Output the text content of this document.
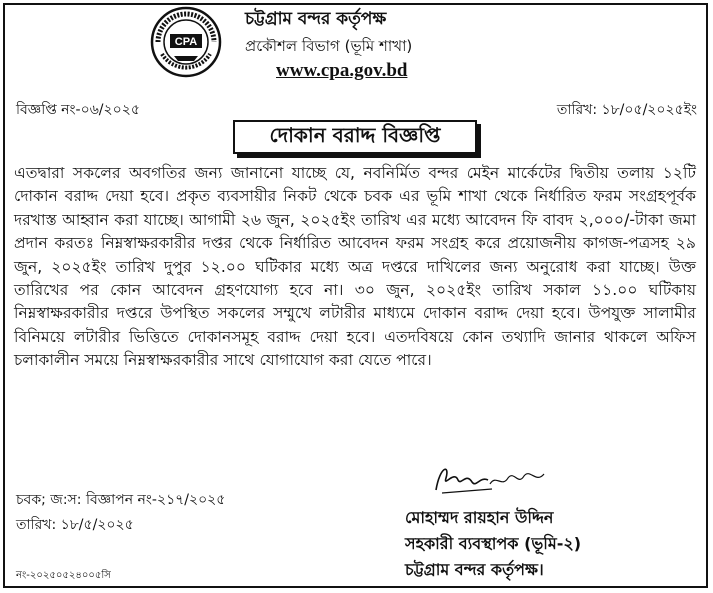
CPA
চট্টগ্রাম বন্দর কর্তৃপক্ষ
প্রকৌশল বিভাগ (ভূমি শাখা)
www.cpa.gov.bd
বিজ্ঞপ্তি নং-০৬/২০২৫	তারিখ: ১৮/০৫/২০২৫ইং
দোকান বরাদ্দ বিজ্ঞপ্তি

এতদ্বারা সকলের অবগতির জন্য জানানো যাচ্ছে যে, নবনির্মিত বন্দর মেইন মার্কেটের দ্বিতীয় তলায় ১২টি দোকান বরাদ্দ দেয়া হবে। প্রকৃত ব্যবসায়ীর নিকট থেকে চবক এর ভূমি শাখা থেকে নির্ধারিত ফরম সংগ্রহপূর্বক দরখাস্ত আহ্বান করা যাচ্ছে। আগামী ২৬ জুন, ২০২৫ইং তারিখ এর মধ্যে আবেদন ফি বাবদ ২,০০০/-টাকা জমা প্রদান করতঃ নিম্নস্বাক্ষরকারীর দপ্তর থেকে নির্ধারিত আবেদন ফরম সংগ্রহ করে প্রয়োজনীয় কাগজ-পত্রসহ ২৯ জুন, ২০২৫ইং তারিখ দুপুর ১২.০০ ঘটিকার মধ্যে অত্র দপ্তরে দাখিলের জন্য অনুরোধ করা যাচ্ছে। উক্ত তারিখের পর কোন আবেদন গ্রহণযোগ্য হবে না। ৩০ জুন, ২০২৫ইং তারিখ সকাল ১১.০০ ঘটিকায় নিম্নস্বাক্ষরকারীর দপ্তরে উপস্থিত সকলের সম্মুখে লটারীর মাধ্যমে দোকান বরাদ্দ দেয়া হবে। উপযুক্ত সালামীর বিনিময়ে লটারীর ভিত্তিতে দোকানসমূহ বরাদ্দ দেয়া হবে। এতদবিষয়ে কোন তথ্যাদি জানার থাকলে অফিস চলাকালীন সময়ে নিম্নস্বাক্ষরকারীর সাথে যোগাযোগ করা যেতে পারে।

চবক; জ:স: বিজ্ঞাপন নং-২১৭/২০২৫
তারিখ: ১৮/৫/২০২৫	মোহাম্মদ রায়হান উদ্দিন
সহকারী ব্যবস্থাপক (ভূমি-২)
চট্টগ্রাম বন্দর কর্তৃপক্ষ।
নং-২০২৫০৫২৪০০৫সি
